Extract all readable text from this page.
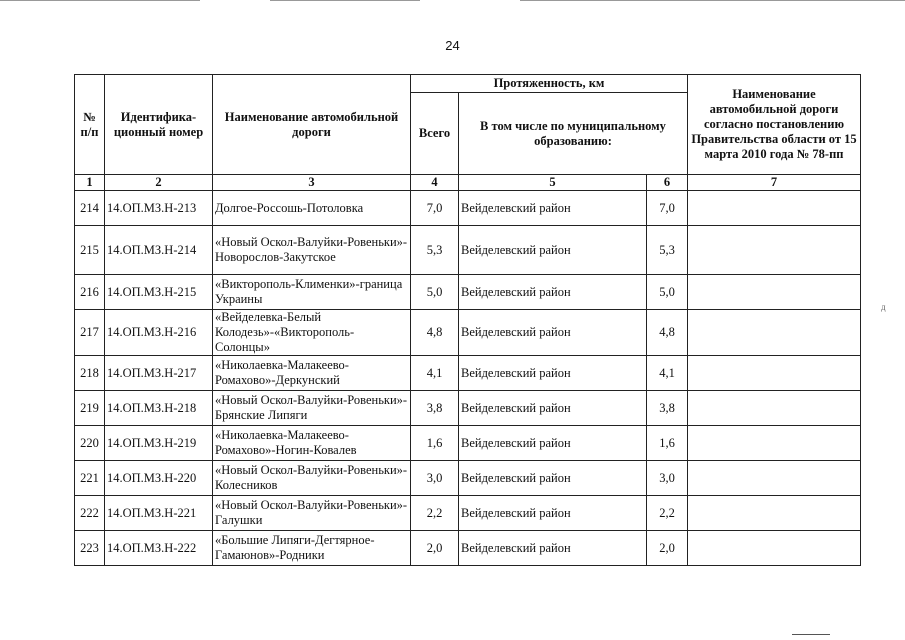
24
№ п/п	Идентифика- ционный номер	Наименование автомобильной дороги	Протяженность, км			Наименование автомобильной дороги согласно постановлению Правительства области от 15 марта 2010 года № 78-пп
			Всего	В том числе по муниципальному образованию:		
1	2	3	4	5	6	7
214	14.ОП.МЗ.Н-213	Долгое-Россошь-Потоловка	7,0	Вейделевский район	7,0	
215	14.ОП.МЗ.Н-214	«Новый Оскол-Валуйки-Ровеньки»-Новорослов-Закутское	5,3	Вейделевский район	5,3	
216	14.ОП.МЗ.Н-215	«Викторополь-Клименки»-граница Украины	5,0	Вейделевский район	5,0	
217	14.ОП.МЗ.Н-216	«Вейделевка-Белый Колодезь»-«Викторополь-Солонцы»	4,8	Вейделевский район	4,8	
218	14.ОП.МЗ.Н-217	«Николаевка-Малакеево-Ромахово»-Деркунский	4,1	Вейделевский район	4,1	
219	14.ОП.МЗ.Н-218	«Новый Оскол-Валуйки-Ровеньки»-Брянские Липяги	3,8	Вейделевский район	3,8	
220	14.ОП.МЗ.Н-219	«Николаевка-Малакеево-Ромахово»-Ногин-Ковалев	1,6	Вейделевский район	1,6	
221	14.ОП.МЗ.Н-220	«Новый Оскол-Валуйки-Ровеньки»-Колесников	3,0	Вейделевский район	3,0	
222	14.ОП.МЗ.Н-221	«Новый Оскол-Валуйки-Ровеньки»-Галушки	2,2	Вейделевский район	2,2	
223	14.ОП.МЗ.Н-222	«Большие Липяги-Дегтярное-Гамаюнов»-Родники	2,0	Вейделевский район	2,0	
д
